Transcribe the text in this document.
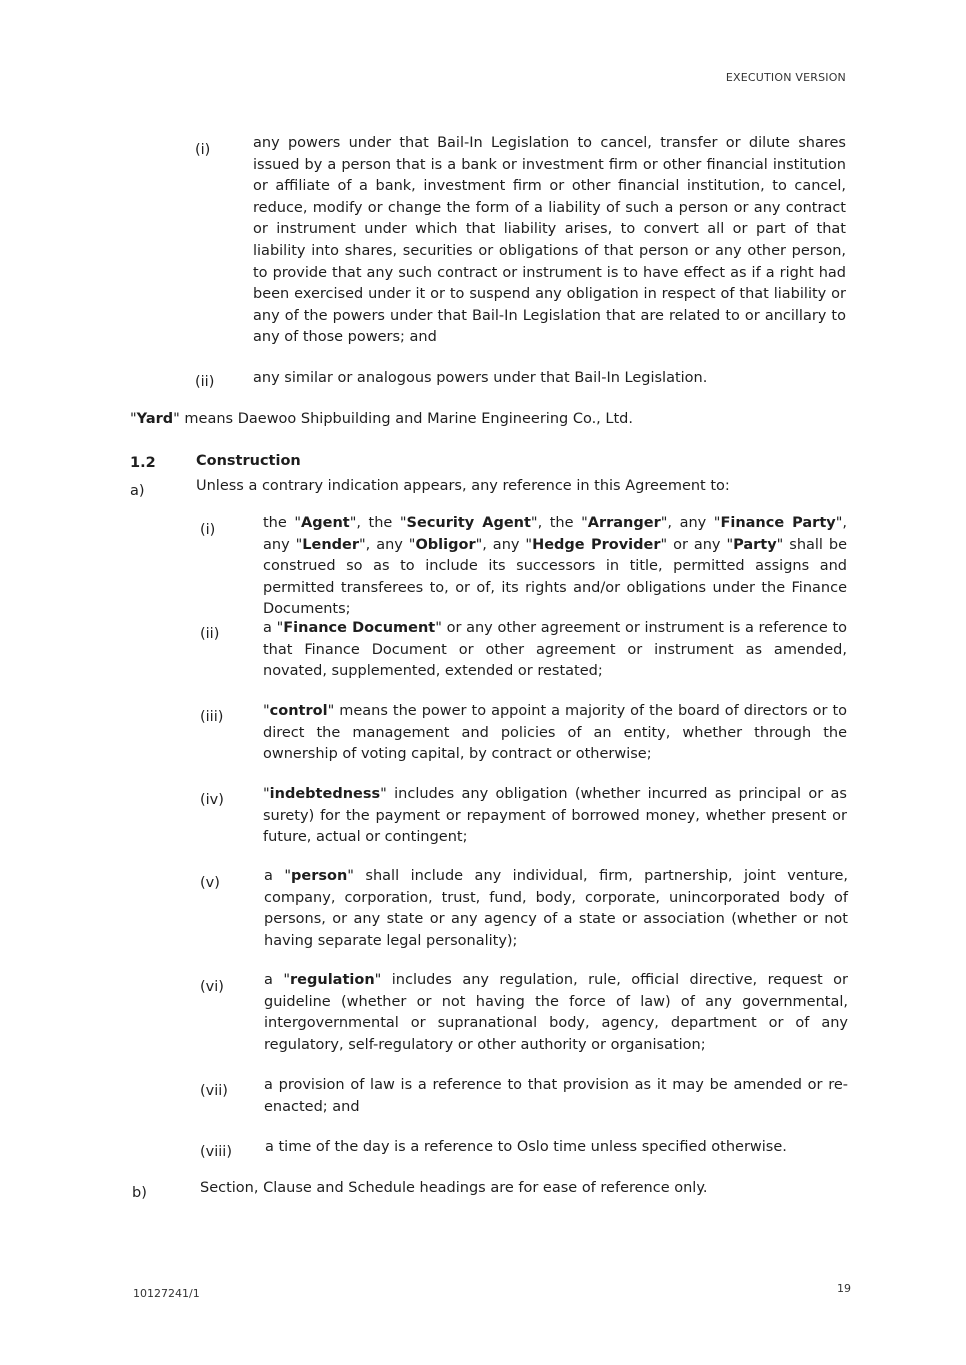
EXECUTION VERSION
(i)	any powers under that Bail-In Legislation to cancel, transfer or dilute shares issued by a person that is a bank or investment firm or other financial institution or affiliate of a bank, investment firm or other financial institution, to cancel, reduce, modify or change the form of a liability of such a person or any contract or instrument under which that liability arises, to convert all or part of that liability into shares, securities or obligations of that person or any other person, to provide that any such contract or instrument is to have effect as if a right had been exercised under it or to suspend any obligation in respect of that liability or any of the powers under that Bail-In Legislation that are related to or ancillary to any of those powers; and
(ii)	any similar or analogous powers under that Bail-In Legislation.
"Yard" means Daewoo Shipbuilding and Marine Engineering Co., Ltd.
1.2	Construction
a)	Unless a contrary indication appears, any reference in this Agreement to:
(i)	the "Agent", the "Security Agent", the "Arranger", any "Finance Party", any "Lender", any "Obligor", any "Hedge Provider" or any "Party" shall be construed so as to include its successors in title, permitted assigns and permitted transferees to, or of, its rights and/or obligations under the Finance Documents;
(ii)	a "Finance Document" or any other agreement or instrument is a reference to that Finance Document or other agreement or instrument as amended, novated, supplemented, extended or restated;
(iii)	"control" means the power to appoint a majority of the board of directors or to direct the management and policies of an entity, whether through the ownership of voting capital, by contract or otherwise;
(iv)	"indebtedness" includes any obligation (whether incurred as principal or as surety) for the payment or repayment of borrowed money, whether present or future, actual or contingent;
(v)	a "person" shall include any individual, firm, partnership, joint venture, company, corporation, trust, fund, body, corporate, unincorporated body of persons, or any state or any agency of a state or association (whether or not having separate legal personality);
(vi)	a "regulation" includes any regulation, rule, official directive, request or guideline (whether or not having the force of law) of any governmental, intergovernmental or supranational body, agency, department or of any regulatory, self-regulatory or other authority or organisation;
(vii) a provision of law is a reference to that provision as it may be amended or re-enacted; and
(viii) a time of the day is a reference to Oslo time unless specified otherwise.
b)	Section, Clause and Schedule headings are for ease of reference only.
10127241/1	19
